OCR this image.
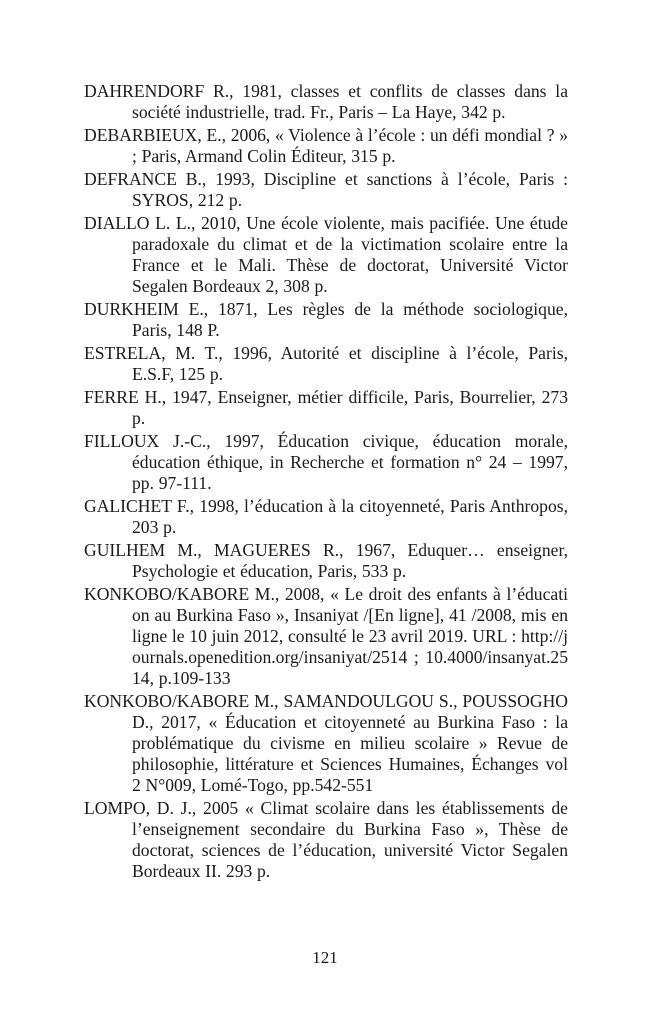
DAHRENDORF R., 1981, classes et conflits de classes dans la société industrielle, trad. Fr., Paris – La Haye, 342 p.

DEBARBIEUX, E., 2006, « Violence à l’école : un défi mondial ? » ; Paris, Armand Colin Éditeur, 315 p.

DEFRANCE B., 1993, Discipline et sanctions à l’école, Paris : SYROS, 212 p.

DIALLO L. L., 2010, Une école violente, mais pacifiée. Une étude paradoxale du climat et de la victimation scolaire entre la France et le Mali. Thèse de doctorat, Université Victor Segalen Bordeaux 2, 308 p.

DURKHEIM E., 1871, Les règles de la méthode sociologique, Paris, 148 P.

ESTRELA, M. T., 1996, Autorité et discipline à l’école, Paris, E.S.F, 125 p.

FERRE H., 1947, Enseigner, métier difficile, Paris, Bourrelier, 273 p.

FILLOUX J.-C., 1997, Éducation civique, éducation morale, éducation éthique, in Recherche et formation n° 24 – 1997, pp. 97-111.

GALICHET F., 1998, l’éducation à la citoyenneté, Paris Anthropos, 203 p.

GUILHEM M., MAGUERES R., 1967, Eduquer… enseigner, Psychologie et éducation, Paris, 533 p.

KONKOBO/KABORE M., 2008, « Le droit des enfants à l’éducation au Burkina Faso », Insaniyat /[En ligne], 41 /2008, mis en ligne le 10 juin 2012, consulté le 23 avril 2019. URL : http://journals.openedition.org/insaniyat/2514 ; 10.4000/insanyat.2514, p.109-133

KONKOBO/KABORE M., SAMANDOULGOU S., POUSSOGHO D., 2017, « Éducation et citoyenneté au Burkina Faso : la problématique du civisme en milieu scolaire » Revue de philosophie, littérature et Sciences Humaines, Échanges vol 2 N°009, Lomé-Togo, pp.542-551

LOMPO, D. J., 2005 « Climat scolaire dans les établissements de l’enseignement secondaire du Burkina Faso », Thèse de doctorat, sciences de l’éducation, université Victor Segalen Bordeaux II. 293 p.

121
